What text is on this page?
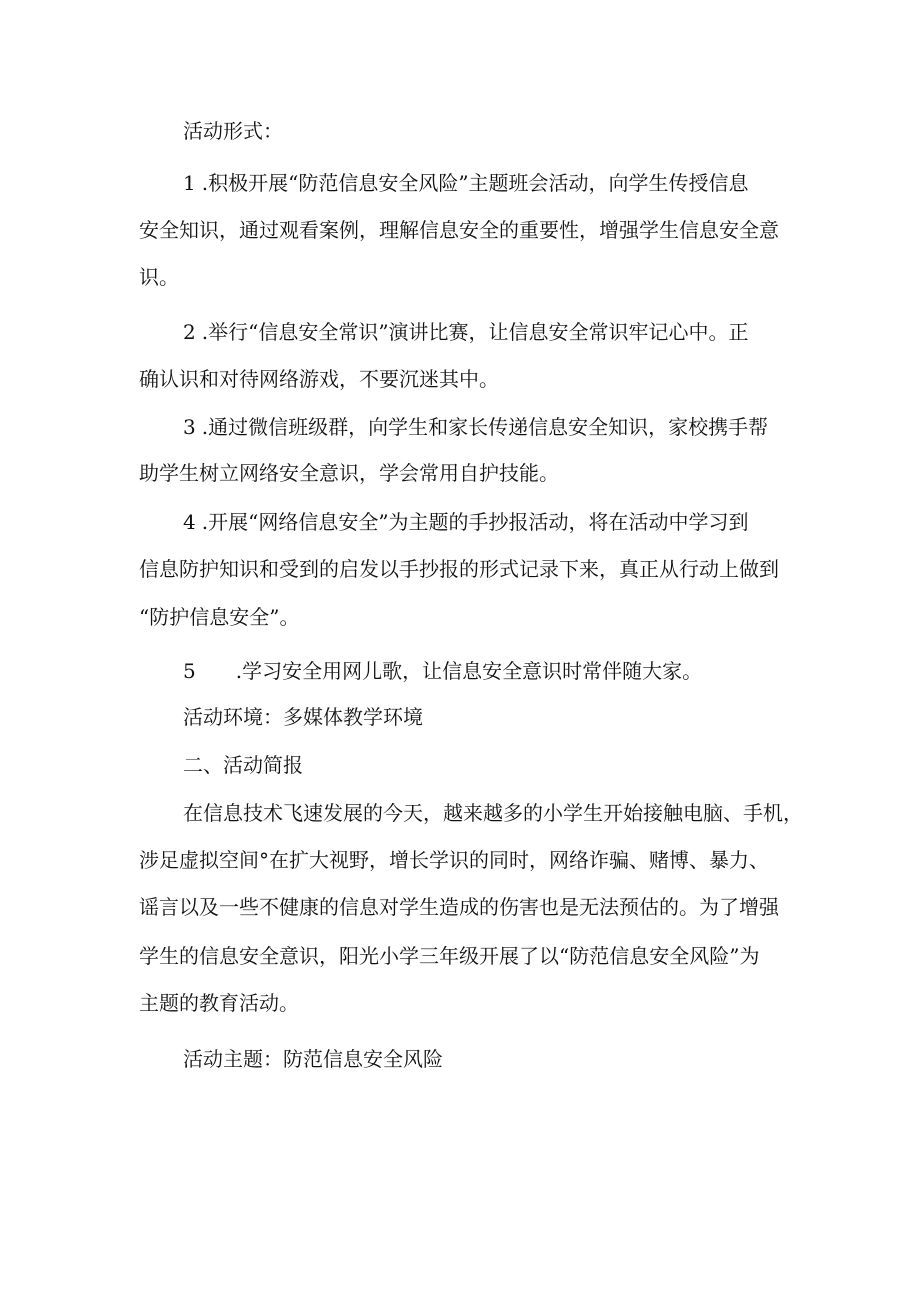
活动形式：

1 .积极开展“防范信息安全风险”主题班会活动，向学生传授信息

安全知识，通过观看案例，理解信息安全的重要性，增强学生信息安全意

识。

2 .举行“信息安全常识”演讲比赛，让信息安全常识牢记心中。正

确认识和对待网络游戏，不要沉迷其中。

3 .通过微信班级群，向学生和家长传递信息安全知识，家校携手帮

助学生树立网络安全意识，学会常用自护技能。

4 .开展“网络信息安全”为主题的手抄报活动，将在活动中学习到

信息防护知识和受到的启发以手抄报的形式记录下来，真正从行动上做到

“防护信息安全”。

5 .学习安全用网儿歌，让信息安全意识时常伴随大家。

活动环境：多媒体教学环境

二、活动简报

在信息技术飞速发展的今天，越来越多的小学生开始接触电脑、手机，

涉足虚拟空间°在扩大视野，增长学识的同时，网络诈骗、赌博、暴力、

谣言以及一些不健康的信息对学生造成的伤害也是无法预估的。为了增强

学生的信息安全意识，阳光小学三年级开展了以“防范信息安全风险”为

主题的教育活动。

活动主题：防范信息安全风险
